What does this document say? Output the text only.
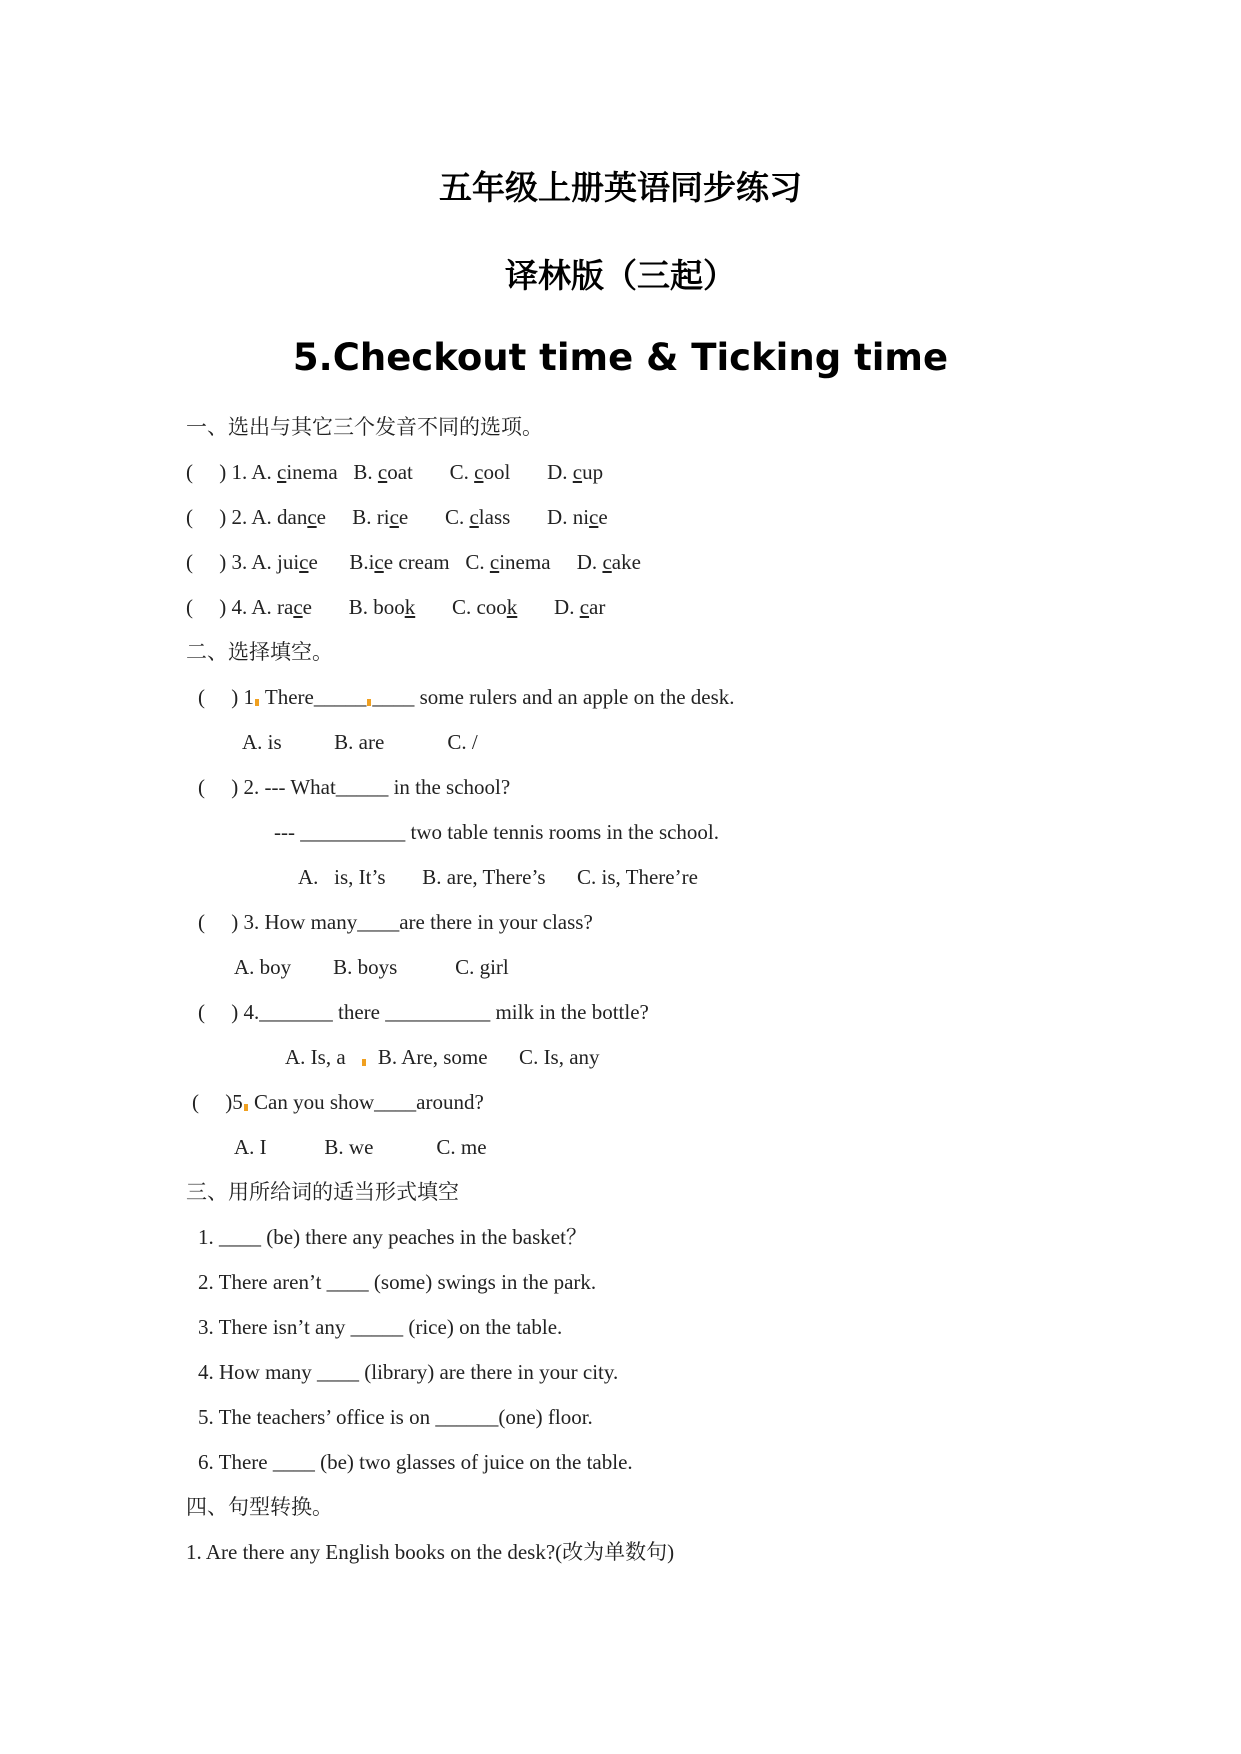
五年级上册英语同步练习
译林版（三起）
5.Checkout time & Ticking time
一、选出与其它三个发音不同的选项。
(     ) 1. A. cinema   B. coat       C. cool       D. cup
(     ) 2. A. dance     B. rice       C. class       D. nice
(     ) 3. A. juice      B.ice cream   C. cinema     D. cake
(     ) 4. A. race       B. book       C. cook       D. car
二、选择填空。
(     ) 1 There_____ ____ some rulers and an apple on the desk.
A. is          B. are            C. /
(     ) 2. --- What_____ in the school?
--- __________ two table tennis rooms in the school.
A.   is, It’s       B. are, There’s      C. is, There’re
(     ) 3. How many____are there in your class?
A. boy        B. boys           C. girl
(     ) 4._______ there __________ milk in the bottle?
A. Is, a     B. Are, some      C. Is, any
(     )5 Can you show____around?
A. I           B. we            C. me
三、用所给词的适当形式填空
1. ____ (be) there any peaches in the basket？
2. There aren’t ____ (some) swings in the park.
3. There isn’t any _____ (rice) on the table.
4. How many ____ (library) are there in your city.
5. The teachers’ office is on ______(one) floor.
6. There ____ (be) two glasses of juice on the table.
四、句型转换。
1. Are there any English books on the desk?(改为单数句)
